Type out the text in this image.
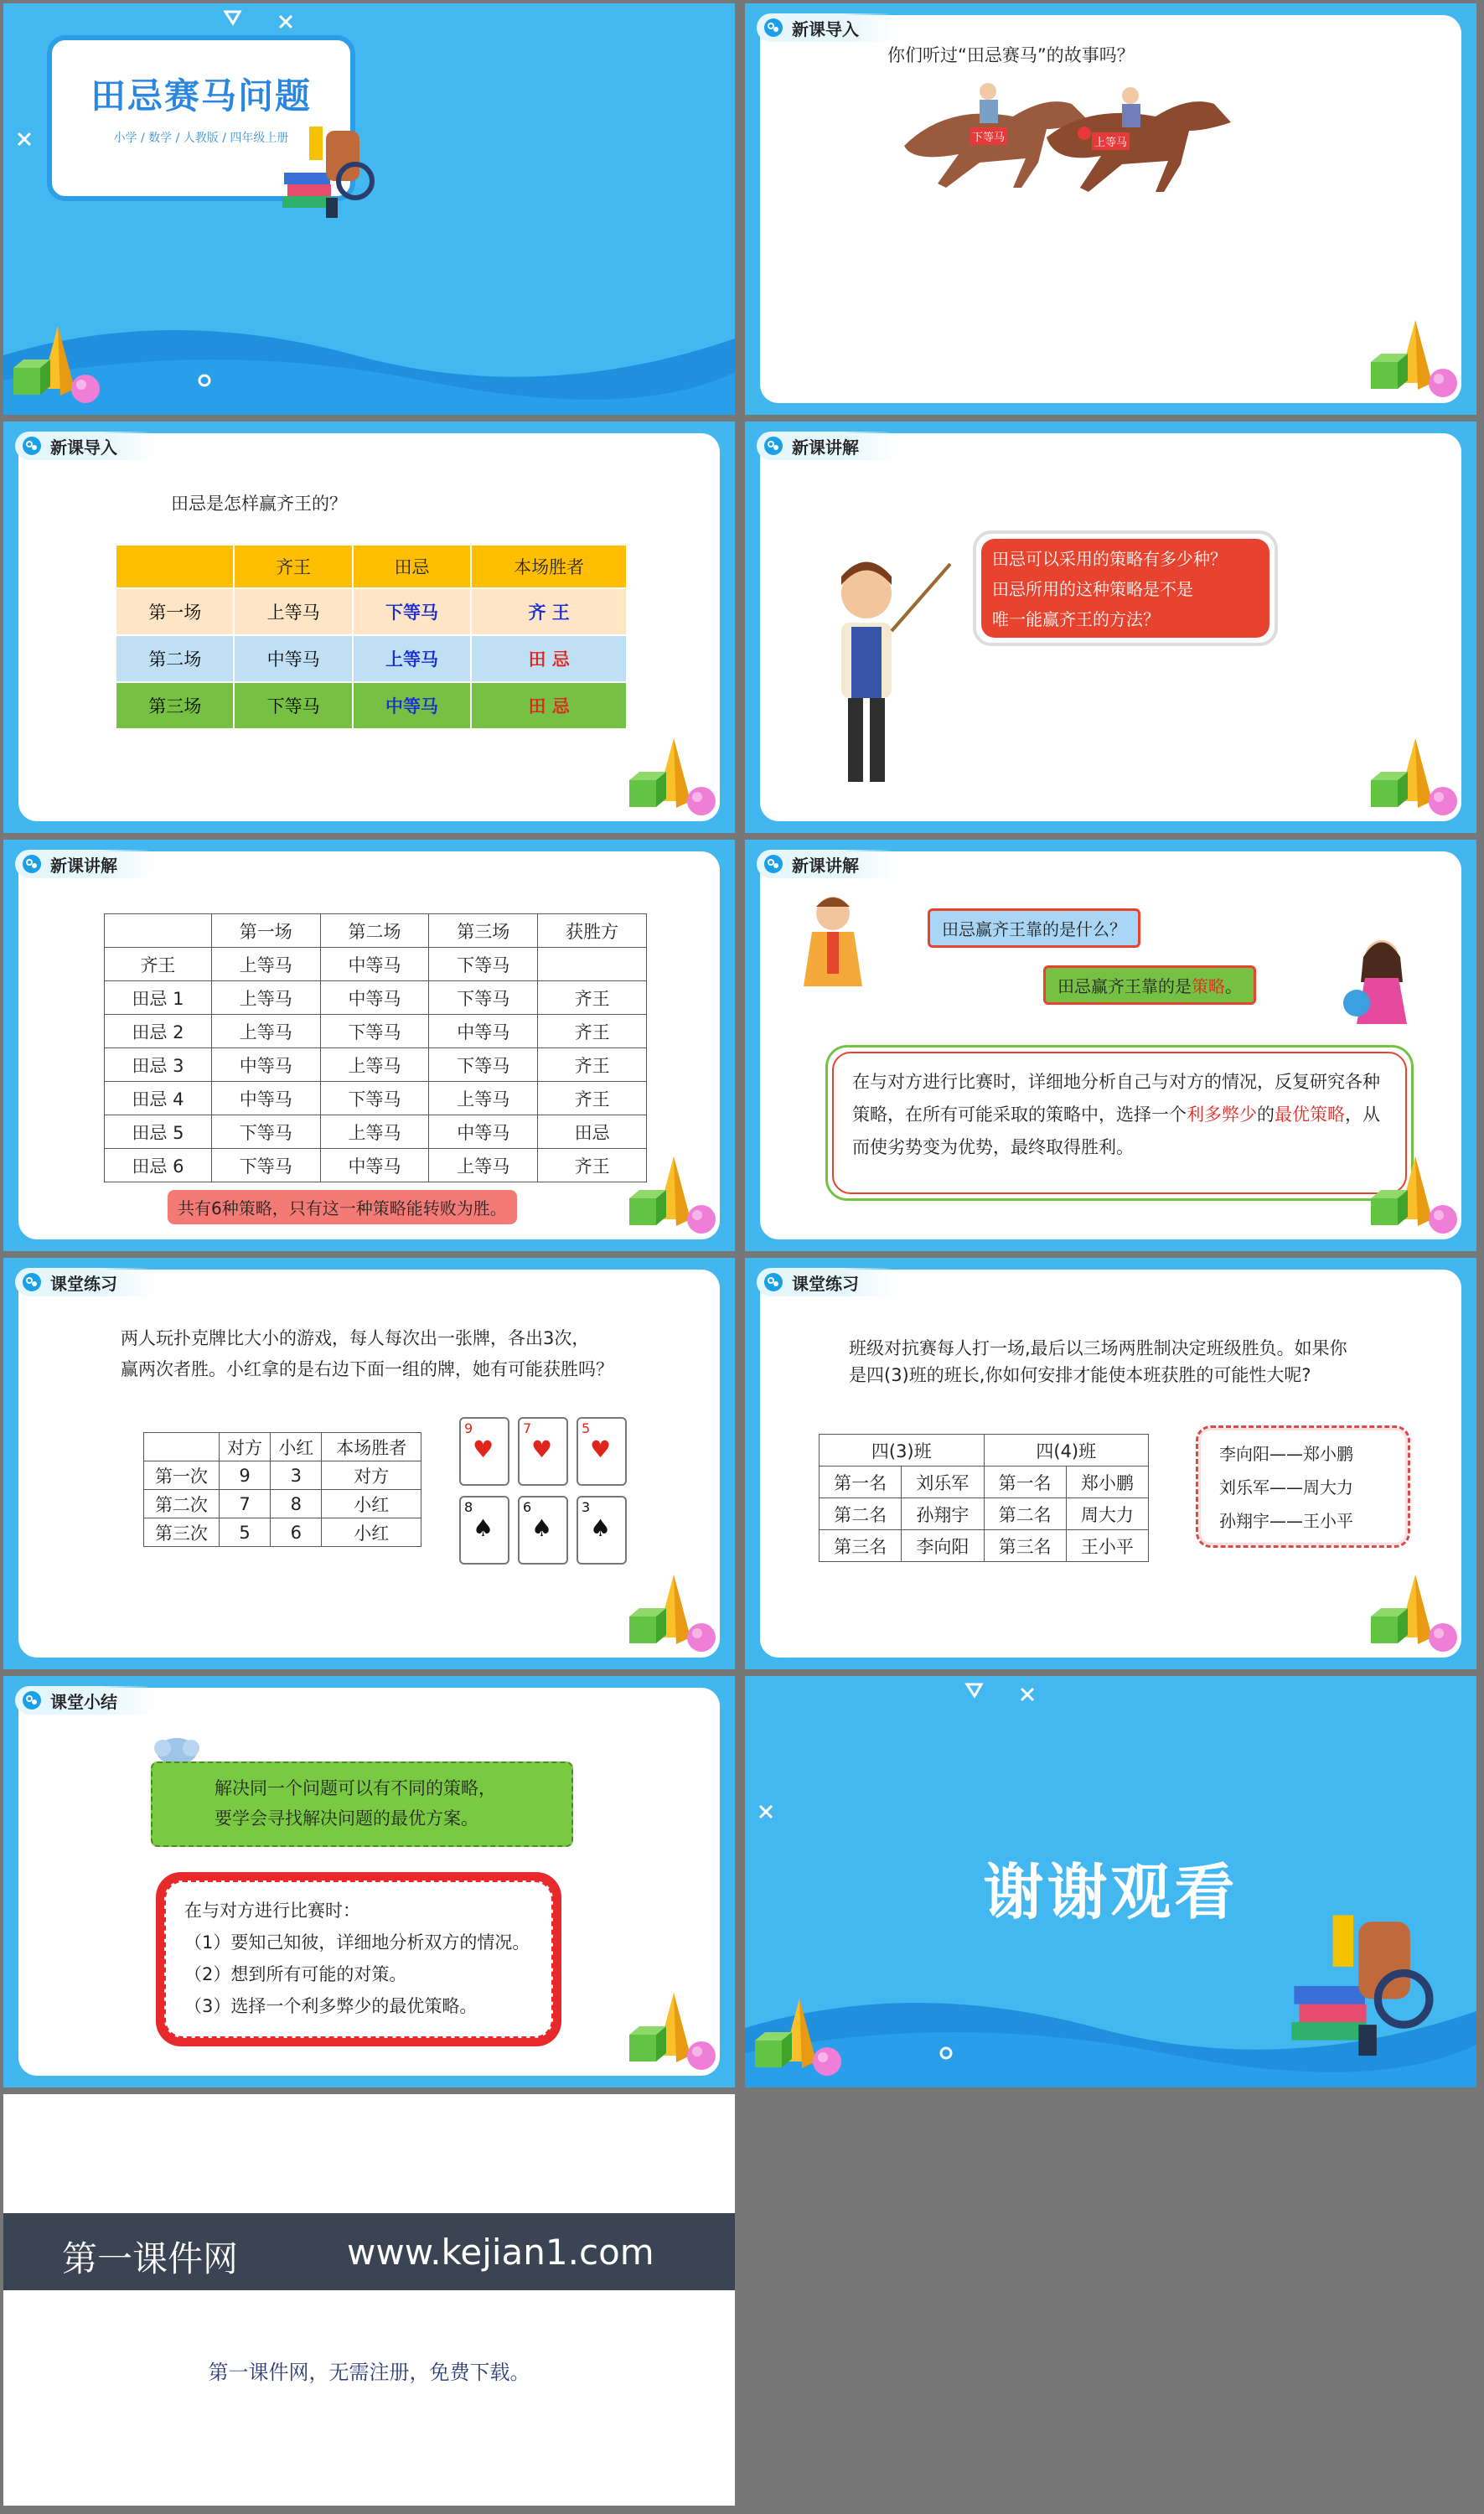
田忌赛马问题
小学 / 数学 / 人教版 / 四年级上册
新课导入
你们听过“田忌赛马”的故事吗？
下等马	上等马
新课导入
田忌是怎样赢齐王的？
	齐王	田忌	本场胜者
第一场	上等马	下等马	齐 王
第二场	中等马	上等马	田 忌
第三场	下等马	中等马	田 忌
新课讲解
田忌可以采用的策略有多少种？
田忌所用的这种策略是不是
唯一能赢齐王的方法？
新课讲解
	第一场	第二场	第三场	获胜方
齐王	上等马	中等马	下等马	
田忌 1	上等马	中等马	下等马	齐王
田忌 2	上等马	下等马	中等马	齐王
田忌 3	中等马	上等马	下等马	齐王
田忌 4	中等马	下等马	上等马	齐王
田忌 5	下等马	上等马	中等马	田忌
田忌 6	下等马	中等马	上等马	齐王
共有6种策略，只有这一种策略能转败为胜。
新课讲解
田忌赢齐王靠的是什么？
田忌赢齐王靠的是策略。
在与对方进行比赛时，详细地分析自己与对方的情况，反复研究各种策略，在所有可能采取的策略中，选择一个利多弊少的最优策略，从而使劣势变为优势，最终取得胜利。
课堂练习
两人玩扑克牌比大小的游戏，每人每次出一张牌，各出3次，
赢两次者胜。小红拿的是右边下面一组的牌，她有可能获胜吗？
	对方	小红	本场胜者
第一次	9	3	对方
第二次	7	8	小红
第三次	5	6	小红
9
♥
7
♥
5
♥
8
♠
6
♠
3
♠
课堂练习
班级对抗赛每人打一场,最后以三场两胜制决定班级胜负。如果你
是四(3)班的班长,你如何安排才能使本班获胜的可能性大呢?
四(3)班		四(4)班	
第一名	刘乐军	第一名	郑小鹏
第二名	孙翔宇	第二名	周大力
第三名	李向阳	第三名	王小平
李向阳——郑小鹏
刘乐军——周大力
孙翔宇——王小平
课堂小结
解决同一个问题可以有不同的策略，
要学会寻找解决问题的最优方案。
在与对方进行比赛时：
（1）要知己知彼，详细地分析双方的情况。
（2）想到所有可能的对策。
（3）选择一个利多弊少的最优策略。
谢谢观看
第一课件网	www.kejian1.com
第一课件网，无需注册，免费下载。
